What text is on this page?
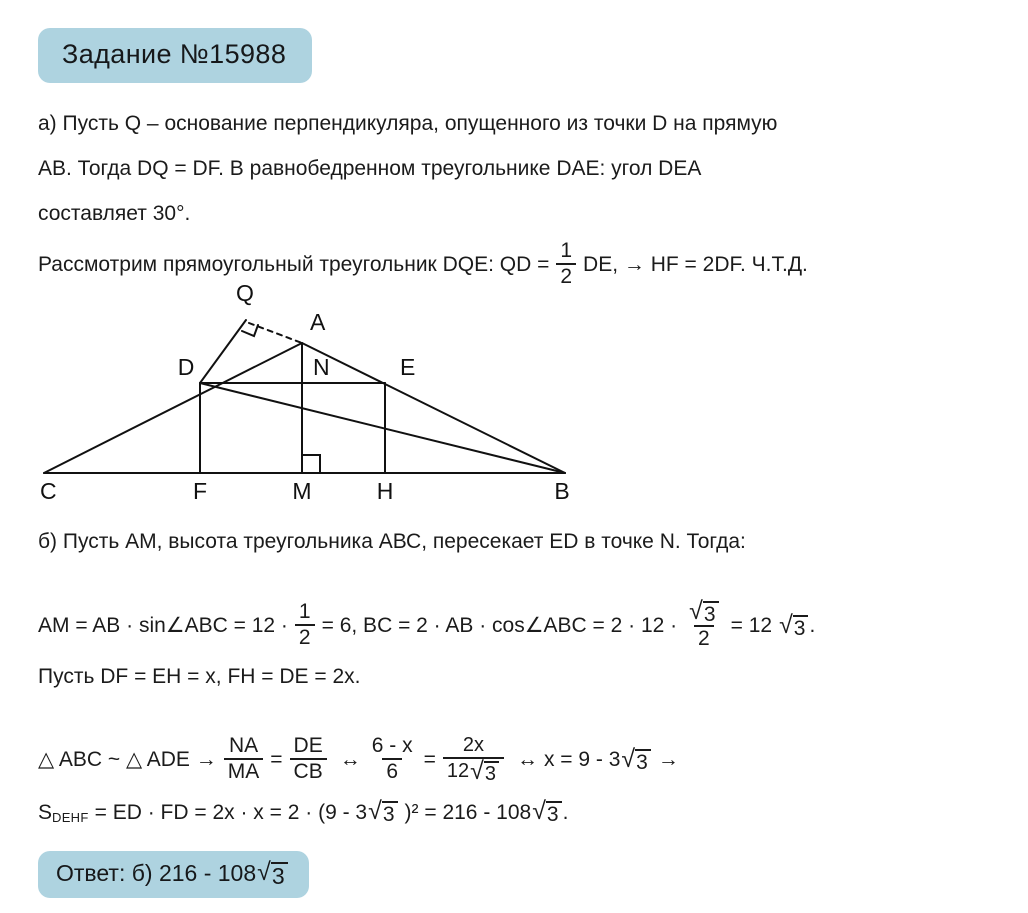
Задание №15988
а) Пусть Q – основание перпендикуляра, опущенного из точки D на прямую
АВ. Тогда DQ = DF. В равнобедренном треугольнике DAE: угол DEA
составляет 30°.
Рассмотрим прямоугольный треугольник DQE: QD = $\frac{1}{2}$ DE, → HF = 2DF. Ч.Т.Д.
Q
A
D	N	E
C	F	M	H	B
б) Пусть АМ, высота треугольника АВС, пересекает ED в точке N. Тогда:
AM = AB · sin∠ABC = $12 \cdot \frac{1}{2} = 6$, BC = 2 · AB · cos∠ABC = $2 \cdot 12 \cdot \frac{√ 3}{2} = 12$ √ 3 .
Пусть DF = EH = x, FH = DE = 2x.
△ ABC ~ △ ADE → $\frac{NA}{MA} = \frac{DE}{CB}$ ↔ $\frac{6 - x}{6} = \frac{2x}{12 √ 3}$ ↔ x = 9 - 3 √ 3 →
S DEHF = ED · FD = 2x · x = 2 · (9 - 3 √ 3 )² = 216 - 108 √ 3 .
Ответ: б) 216 - 108 √ 3
